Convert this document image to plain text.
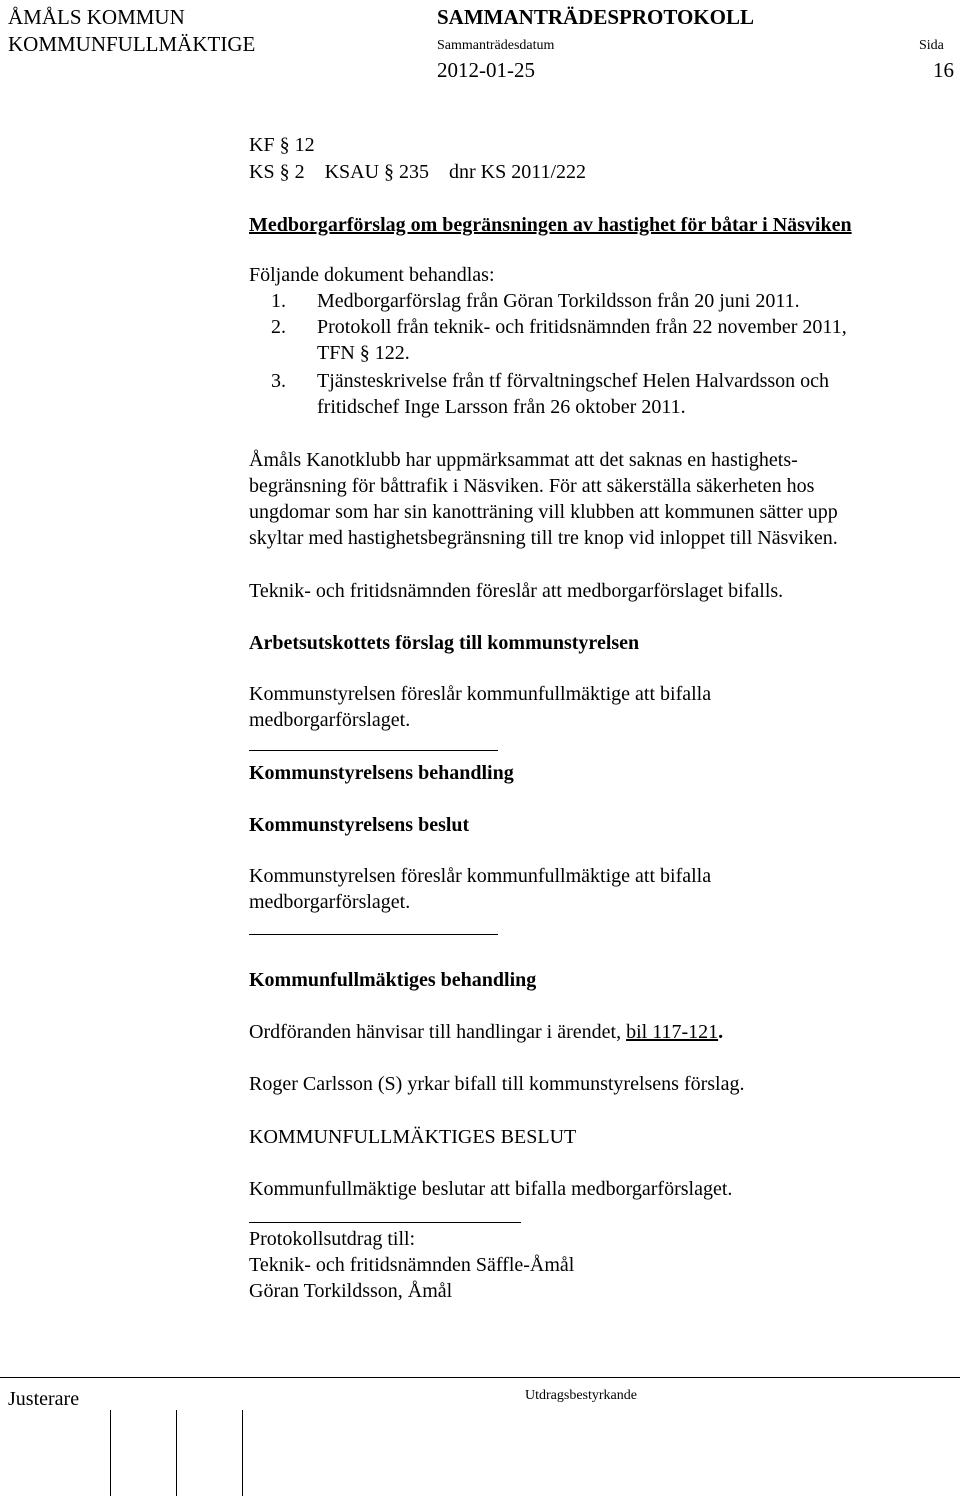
ÅMÅLS KOMMUN
KOMMUNFULLMÄKTIGE
SAMMANTRÄDESPROTOKOLL
Sammanträdesdatum	Sida
2012-01-25	16
KF § 12
KS § 2    KSAU § 235    dnr KS 2011/222
Medborgarförslag om begränsningen av hastighet för båtar i Näsviken
Följande dokument behandlas:
1. Medborgarförslag från Göran Torkildsson från 20 juni 2011.
2. Protokoll från teknik- och fritidsnämnden från 22 november 2011,
TFN § 122.
3. Tjänsteskrivelse från tf förvaltningschef Helen Halvardsson och
fritidschef Inge Larsson från 26 oktober 2011.
Åmåls Kanotklubb har uppmärksammat att det saknas en hastighets-
begränsning för båttrafik i Näsviken. För att säkerställa säkerheten hos
ungdomar som har sin kanotträning vill klubben att kommunen sätter upp
skyltar med hastighetsbegränsning till tre knop vid inloppet till Näsviken.
Teknik- och fritidsnämnden föreslår att medborgarförslaget bifalls.
Arbetsutskottets förslag till kommunstyrelsen
Kommunstyrelsen föreslår kommunfullmäktige att bifalla
medborgarförslaget.
Kommunstyrelsens behandling
Kommunstyrelsens beslut
Kommunstyrelsen föreslår kommunfullmäktige att bifalla
medborgarförslaget.
Kommunfullmäktiges behandling
Ordföranden hänvisar till handlingar i ärendet, bil 117-121.
Roger Carlsson (S) yrkar bifall till kommunstyrelsens förslag.
KOMMUNFULLMÄKTIGES BESLUT
Kommunfullmäktige beslutar att bifalla medborgarförslaget.
Protokollsutdrag till:
Teknik- och fritidsnämnden Säffle-Åmål
Göran Torkildsson, Åmål
Justerare	Utdragsbestyrkande
